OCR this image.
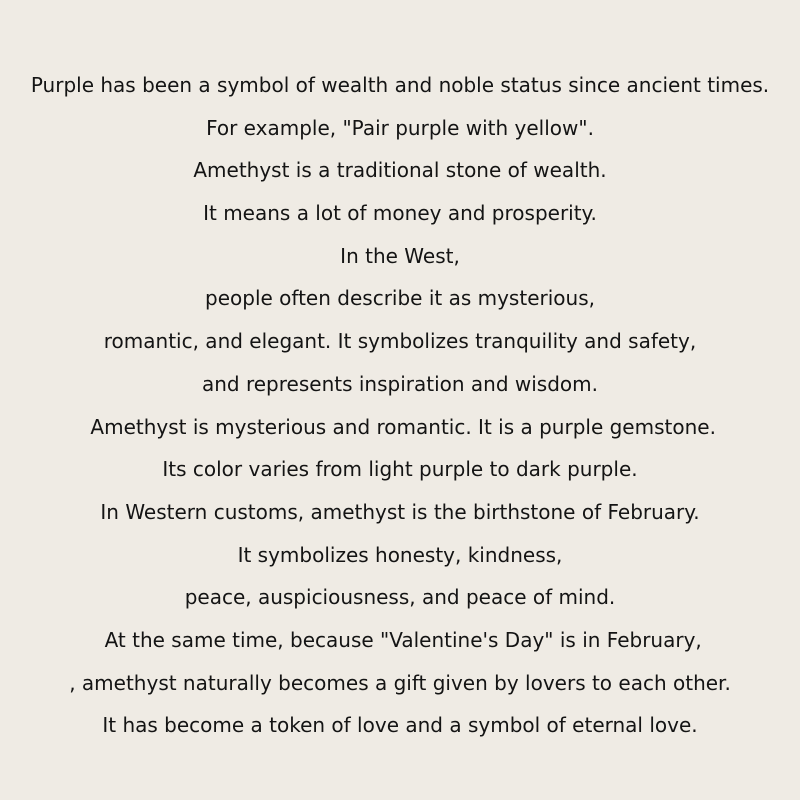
Purple has been a symbol of wealth and noble status since ancient times.
For example, "Pair purple with yellow".
Amethyst is a traditional stone of wealth.
It means a lot of money and prosperity.
In the West,
people often describe it as mysterious,
romantic, and elegant. It symbolizes tranquility and safety,
and represents inspiration and wisdom.
Amethyst is mysterious and romantic. It is a purple gemstone.
Its color varies from light purple to dark purple.
In Western customs, amethyst is the birthstone of February.
It symbolizes honesty, kindness,
peace, auspiciousness, and peace of mind.
At the same time, because "Valentine's Day" is in February,
, amethyst naturally becomes a gift given by lovers to each other.
It has become a token of love and a symbol of eternal love.
